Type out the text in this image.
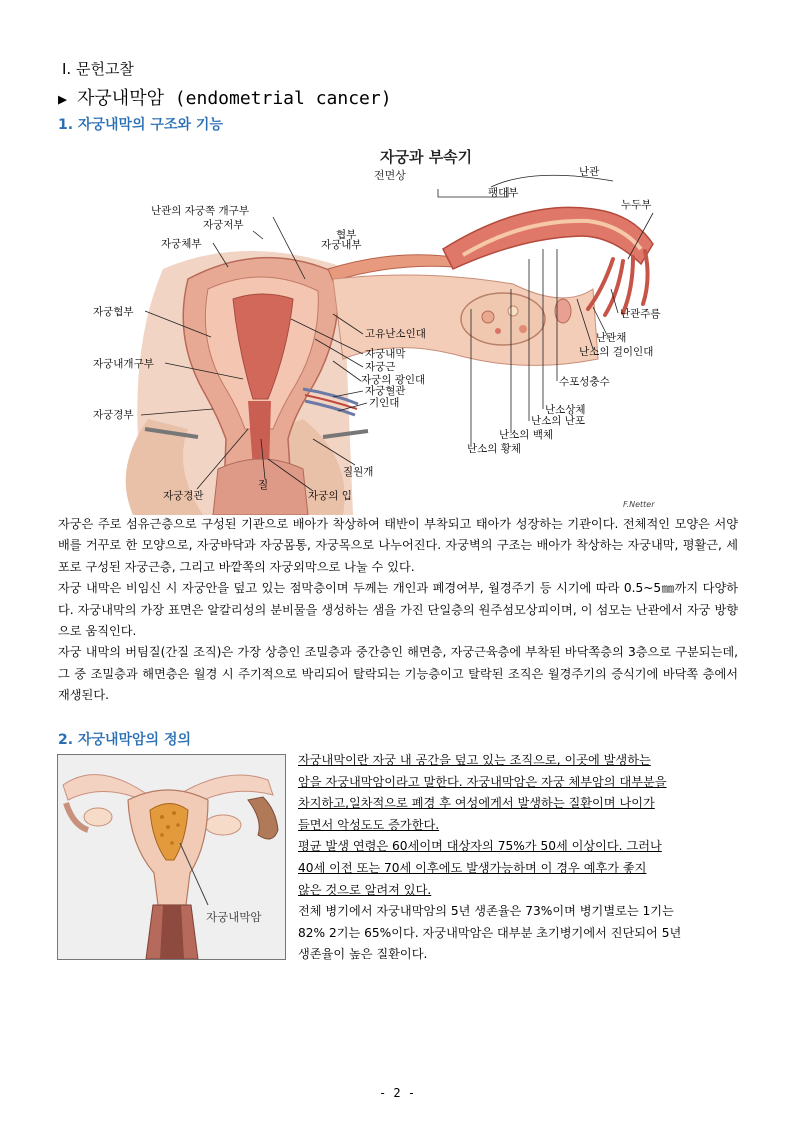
Ⅰ. 문헌고찰
▶ 자궁내막암 (endometrial cancer)
1. 자궁내막의 구조와 기능
자궁과 부속기
전면상
난관의 자궁쪽 개구부
자궁저부
자궁체부
자궁협부
자궁내개구부
자궁경부
자궁경관
질
자궁의 입
질원개
팽대부
난관
누두부
협부
자궁내부
고유난소인대
자궁내막
자궁근
자궁의 광인대
자궁혈관
기인대
난소상체
난소의 난포
난소의 백체
난소의 황체
수포성충수
난소의 걸이인대
난관채
난관주름
F.Netter

자궁은 주로 섬유근층으로 구성된 기관으로 배아가 착상하여 태반이 부착되고 태아가 성장하는 기관이다. 전체적인 모양은 서양배를 거꾸로 한 모양으로, 자궁바닥과 자궁몸통, 자궁목으로 나누어진다. 자궁벽의 구조는 배아가 착상하는 자궁내막, 평활근, 세포로 구성된 자궁근층, 그리고 바깥쪽의 자궁외막으로 나눌 수 있다.

자궁 내막은 비임신 시 자궁안을 덮고 있는 점막층이며 두께는 개인과 폐경여부, 월경주기 등 시기에 따라 0.5~5㎜까지 다양하다. 자궁내막의 가장 표면은 알칼리성의 분비물을 생성하는 샘을 가진 단일층의 원주섬모상피이며, 이 섬모는 난관에서 자궁 방향으로 움직인다.

자궁 내막의 버팀질(간질 조직)은 가장 상층인 조밀층과 중간층인 해면층, 자궁근육층에 부착된 바닥쪽층의 3층으로 구분되는데, 그 중 조밀층과 해면층은 월경 시 주기적으로 박리되어 탈락되는 기능층이고 탈락된 조직은 월경주기의 증식기에 바닥쪽 층에서 재생된다.

2. 자궁내막암의 정의
자궁내막암

자궁내막이란 자궁 내 공간을 덮고 있는 조직으로, 이곳에 발생하는

암을 자궁내막암이라고 말한다. 자궁내막암은 자궁 체부암의 대부분을

차지하고,일차적으로 폐경 후 여성에게서 발생하는 질환이며 나이가

들면서 악성도도 증가한다.

평균 발생 연령은 60세이며 대상자의 75%가 50세 이상이다. 그러나

40세 이전 또는 70세 이후에도 발생가능하며 이 경우 예후가 좋지

않은 것으로 알려져 있다.

전체 병기에서 자궁내막암의 5년 생존율은 73%이며 병기별로는 1기는

82% 2기는 65%이다. 자궁내막암은 대부분 초기병기에서 진단되어 5년

생존율이 높은 질환이다.

- 2 -
